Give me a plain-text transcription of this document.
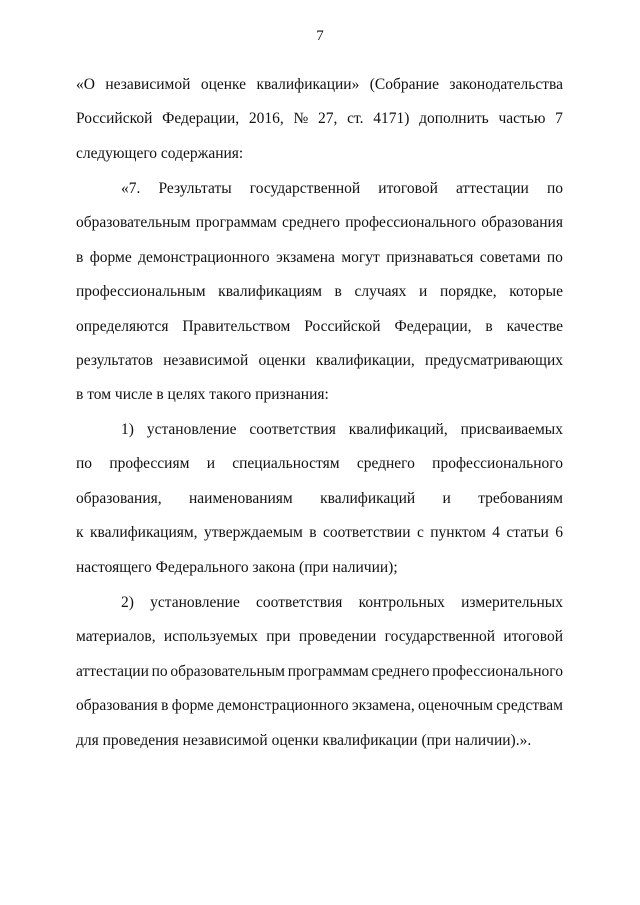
7
«О независимой оценке квалификации» (Собрание законодательства
Российской Федерации, 2016, № 27, ст. 4171) дополнить частью 7
следующего содержания:
«7. Результаты государственной итоговой аттестации по
образовательным программам среднего профессионального образования
в форме демонстрационного экзамена могут признаваться советами по
профессиональным квалификациям в случаях и порядке, которые
определяются Правительством Российской Федерации, в качестве
результатов независимой оценки квалификации, предусматривающих
в том числе в целях такого признания:
1) установление соответствия квалификаций, присваиваемых
по профессиям и специальностям среднего профессионального
образования, наименованиям квалификаций и требованиям
к квалификациям, утверждаемым в соответствии с пунктом 4 статьи 6
настоящего Федерального закона (при наличии);
2) установление соответствия контрольных измерительных
материалов, используемых при проведении государственной итоговой
аттестации по образовательным программам среднего профессионального
образования в форме демонстрационного экзамена, оценочным средствам
для проведения независимой оценки квалификации (при наличии).».
